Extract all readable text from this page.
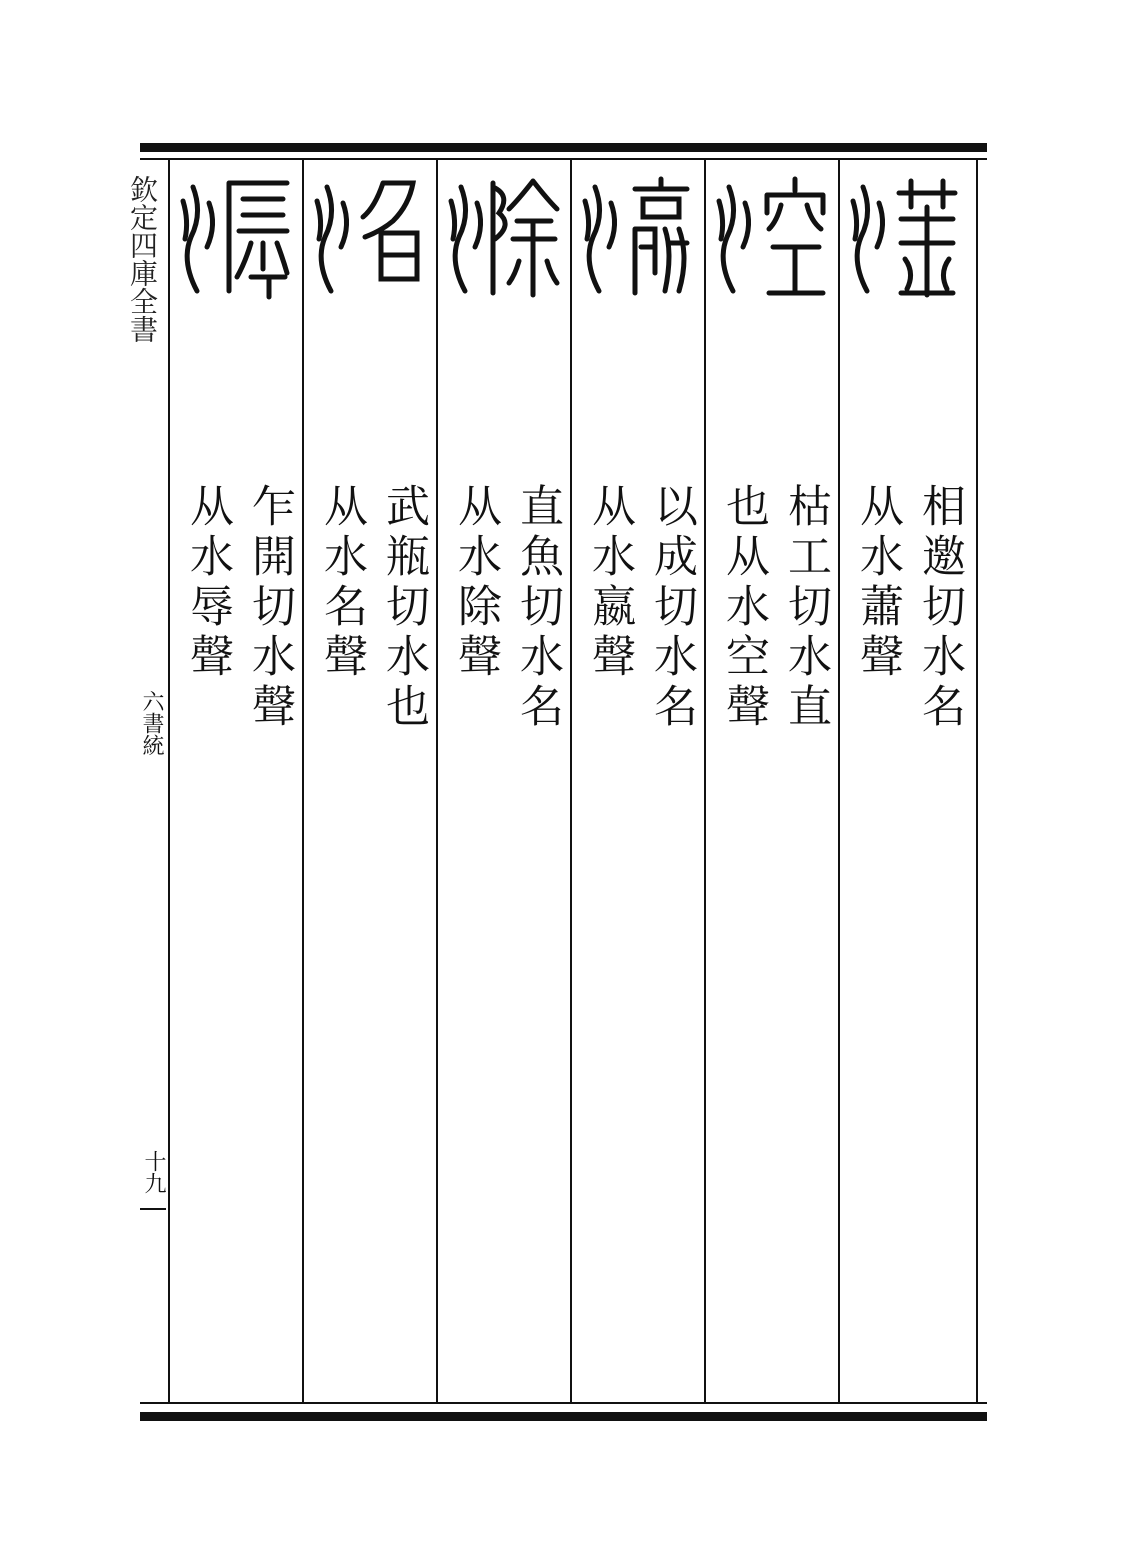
欽定四庫全書
六書統
十九
相邀切水名
从水蕭聲
枯工切水直
也从水空聲
以成切水名
从水嬴聲
直魚切水名
从水除聲
武瓶切水也
从水名聲
乍開切水聲
从水辱聲
